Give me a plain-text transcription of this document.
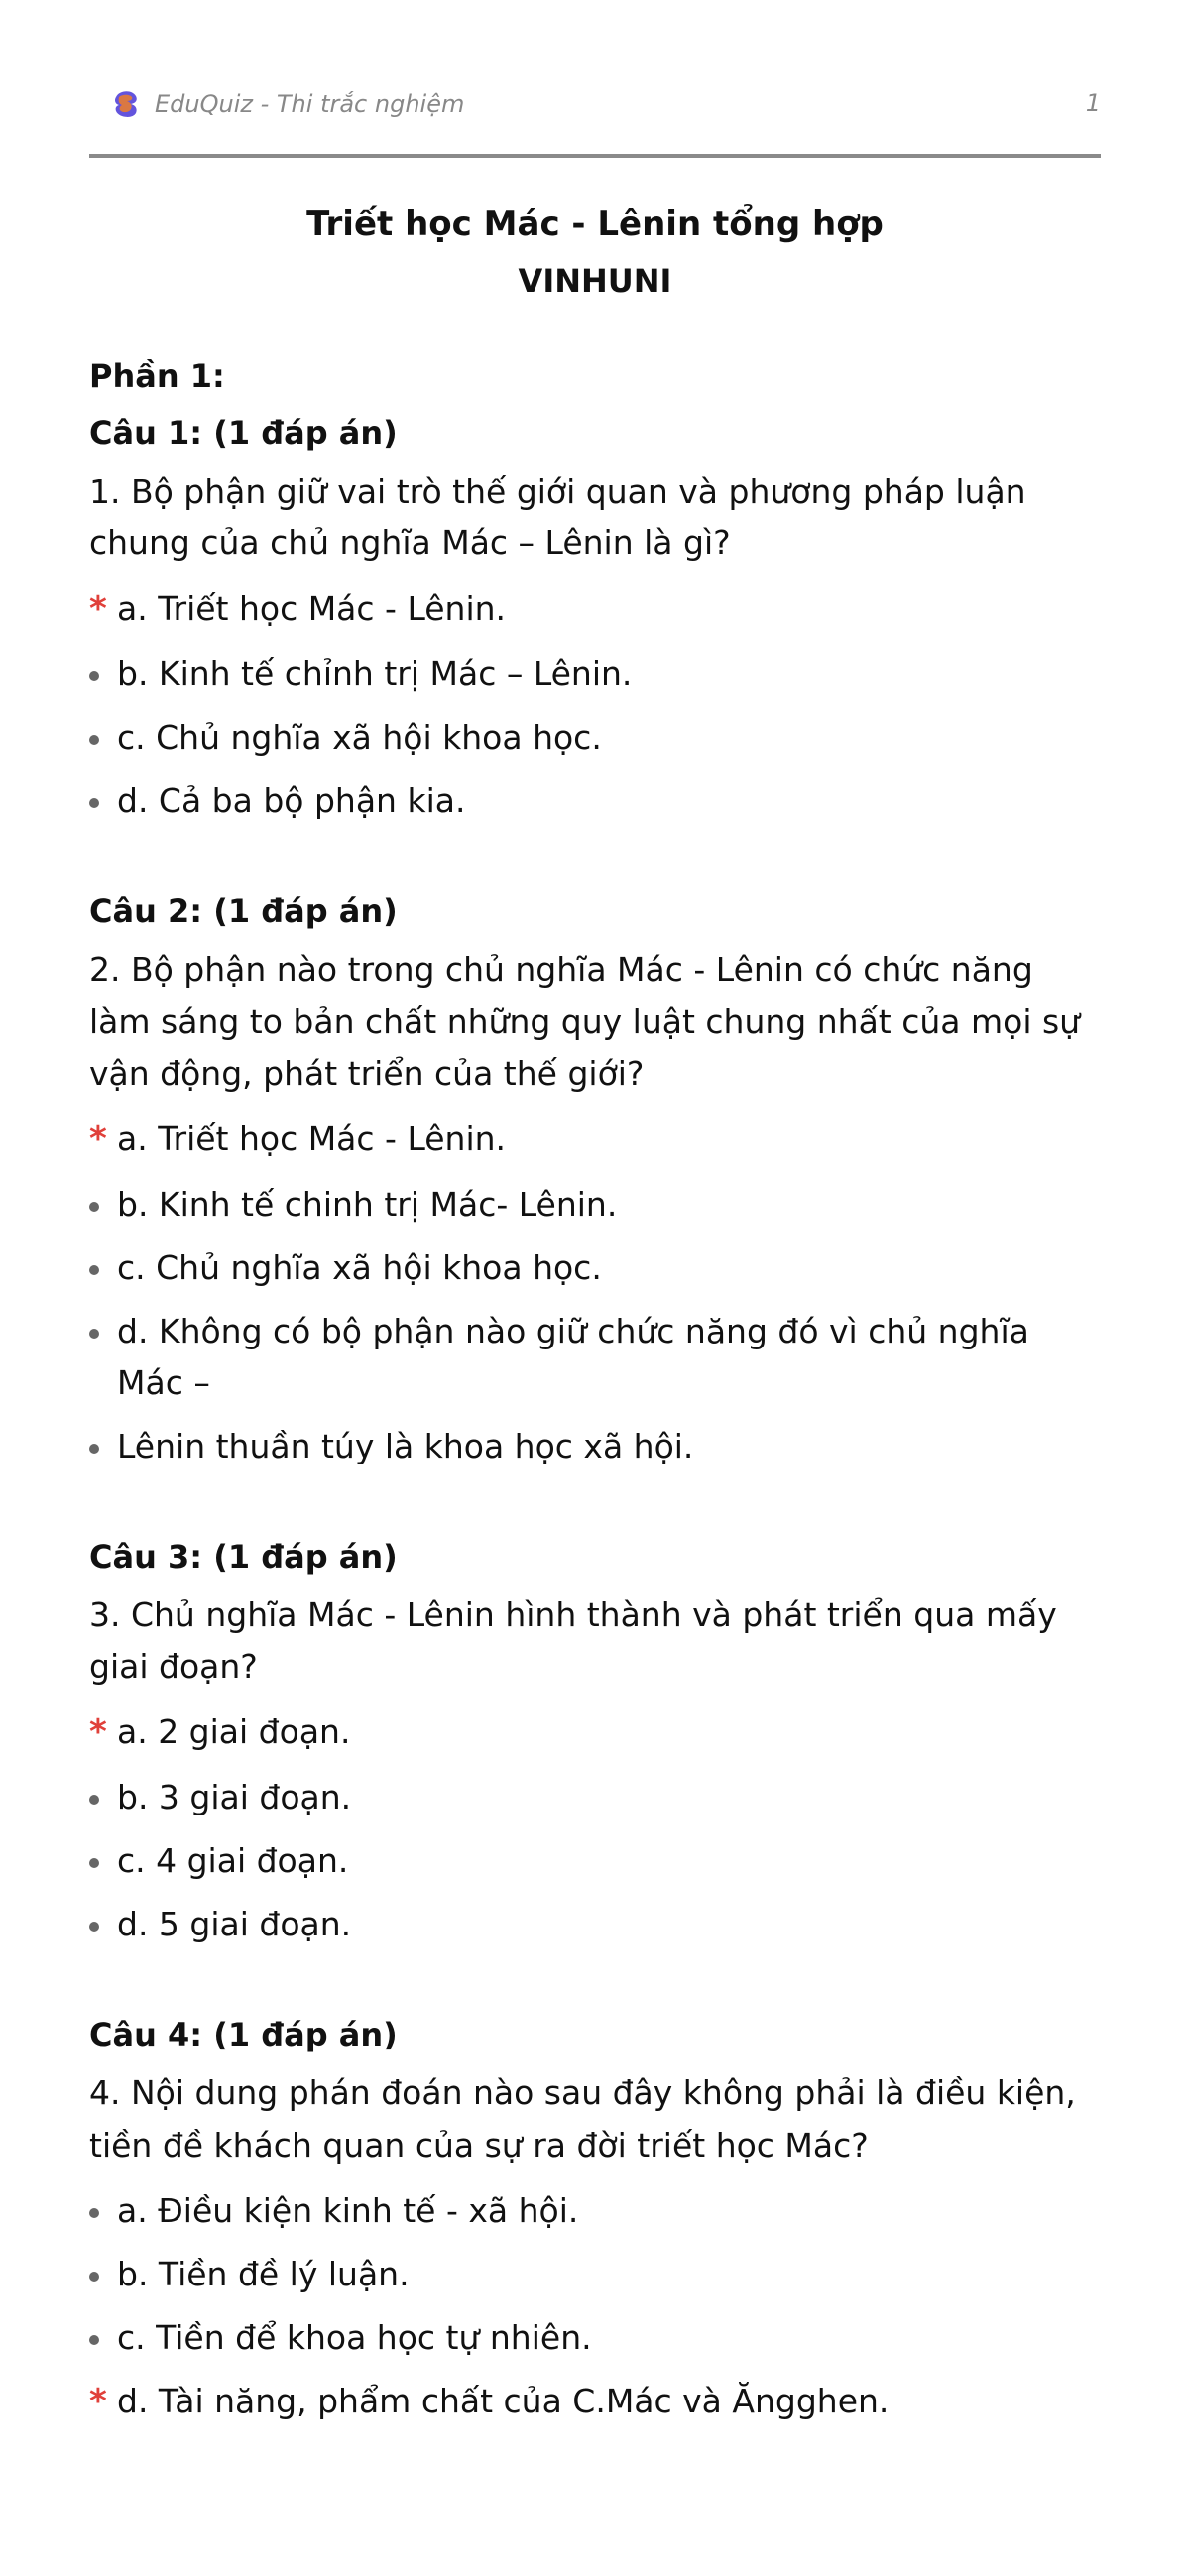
EduQuiz - Thi trắc nghiệm	1
Triết học Mác - Lênin tổng hợp
VINHUNI
Phần 1:
Câu 1: (1 đáp án)
1. Bộ phận giữ vai trò thế giới quan và phương pháp luận chung của chủ nghĩa Mác – Lênin là gì?
* a. Triết học Mác - Lênin.
b. Kinh tế chỉnh trị Mác – Lênin.
c. Chủ nghĩa xã hội khoa học.
d. Cả ba bộ phận kia.
Câu 2: (1 đáp án)
2. Bộ phận nào trong chủ nghĩa Mác - Lênin có chức năng làm sáng to bản chất những quy luật chung nhất của mọi sự vận động, phát triển của thế giới?
* a. Triết học Mác - Lênin.
b. Kinh tế chinh trị Mác- Lênin.
c. Chủ nghĩa xã hội khoa học.
d. Không có bộ phận nào giữ chức năng đó vì chủ nghĩa Mác –
Lênin thuần túy là khoa học xã hội.
Câu 3: (1 đáp án)
3. Chủ nghĩa Mác - Lênin hình thành và phát triển qua mấy giai đoạn?
* a. 2 giai đoạn.
b. 3 giai đoạn.
c. 4 giai đoạn.
d. 5 giai đoạn.
Câu 4: (1 đáp án)
4. Nội dung phán đoán nào sau đây không phải là điều kiện, tiền đề khách quan của sự ra đời triết học Mác?
a. Điều kiện kinh tế - xã hội.
b. Tiền đề lý luận.
c. Tiền để khoa học tự nhiên.
* d. Tài năng, phẩm chất của C.Mác và Ăngghen.
